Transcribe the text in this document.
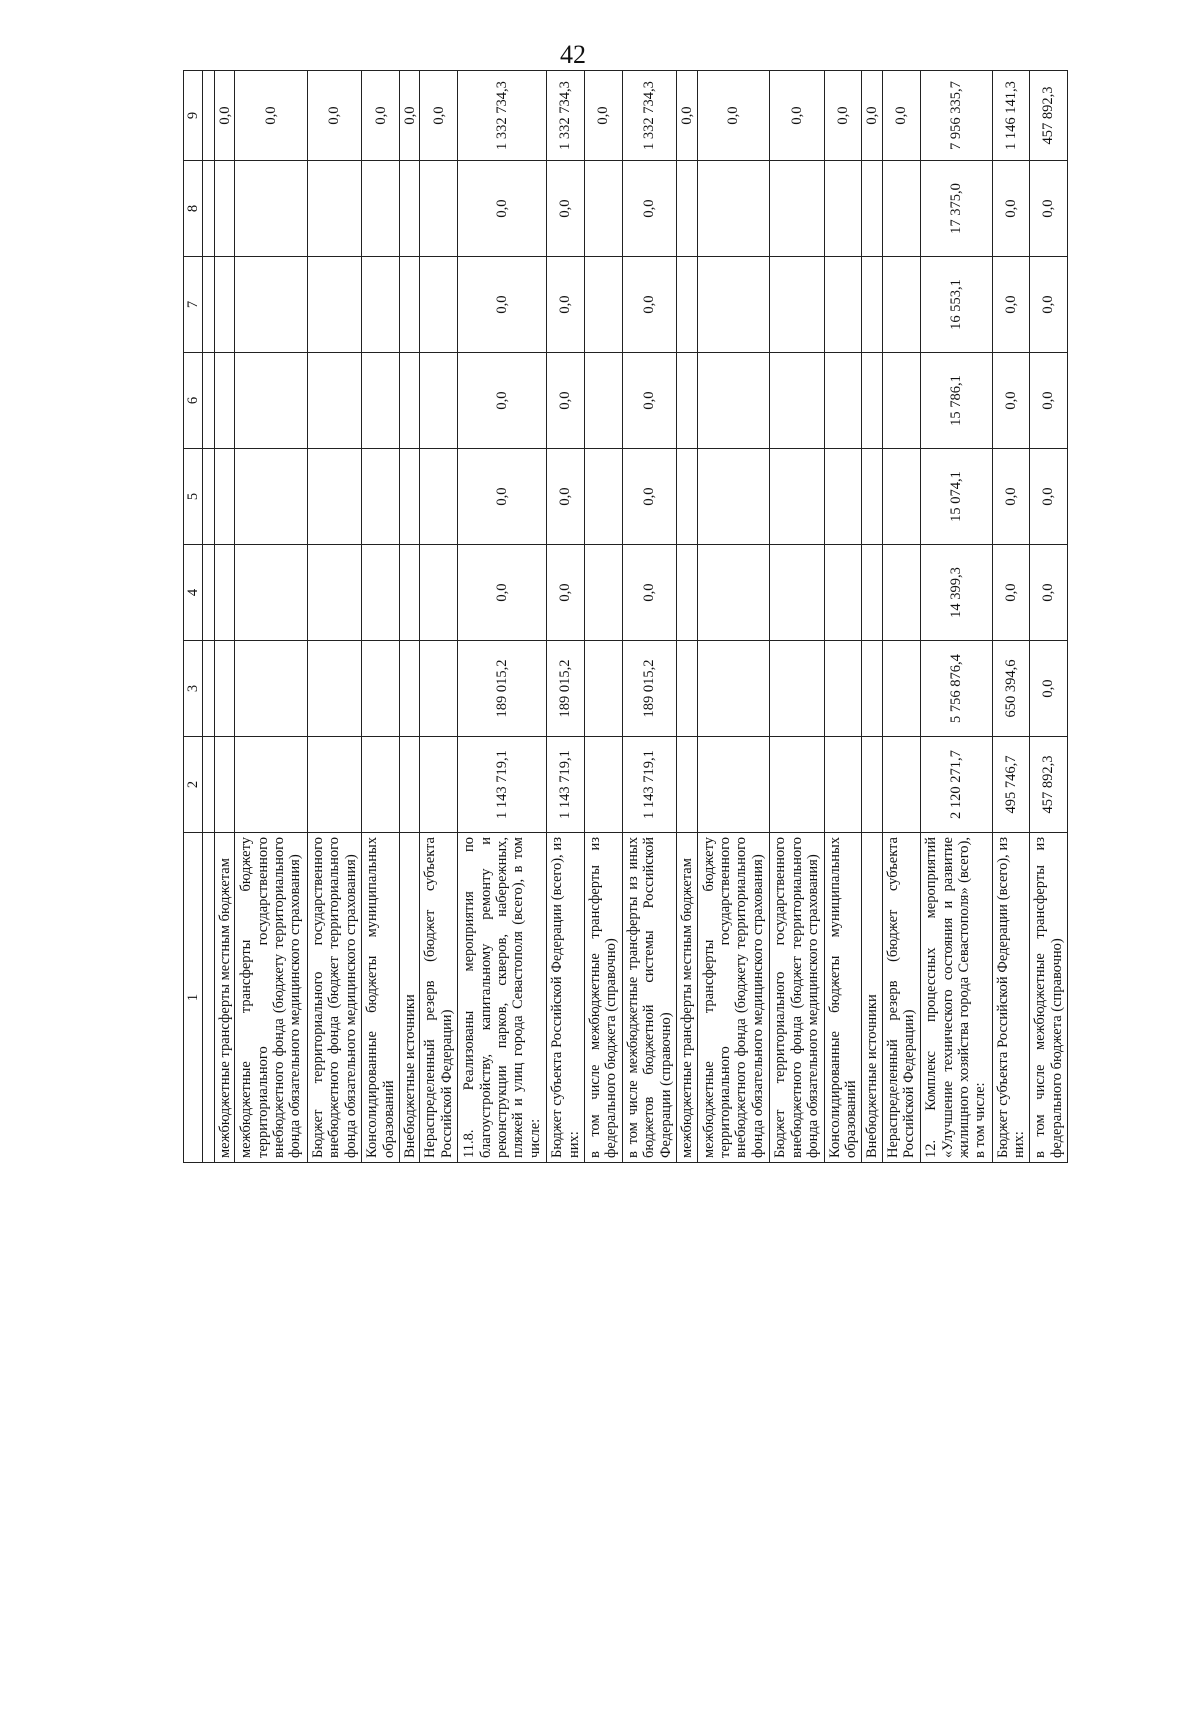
42
1	2	3	4	5	6	7	8	9

межбюджетные трансферты местным бюджетам								0,0
межбюджетные трансферты бюджету территориального государственного внебюджетного фонда (бюджету территориального фонда обязательного медицинского страхования)								0,0
Бюджет территориального государственного внебюджетного фонда (бюджет территориального фонда обязательного медицинского страхования)								0,0
Консолидированные бюджеты муниципальных образований								0,0
Внебюджетные источники								0,0
Нераспределенный резерв (бюджет субъекта Российской Федерации)								0,0
11.8. Реализованы мероприятия по благоустройству, капитальному ремонту и реконструкции парков, скверов, набережных, пляжей и улиц города Севастополя (всего), в том числе:	1 143 719,1	189 015,2	0,0	0,0	0,0	0,0	0,0	1 332 734,3
Бюджет субъекта Российской Федерации (всего), из них:	1 143 719,1	189 015,2	0,0	0,0	0,0	0,0	0,0	1 332 734,3
в том числе межбюджетные трансферты из федерального бюджета (справочно)								0,0
в том числе межбюджетные трансферты из иных бюджетов бюджетной системы Российской Федерации (справочно)	1 143 719,1	189 015,2	0,0	0,0	0,0	0,0	0,0	1 332 734,3
межбюджетные трансферты местным бюджетам								0,0
межбюджетные трансферты бюджету территориального государственного внебюджетного фонда (бюджету территориального фонда обязательного медицинского страхования)								0,0
Бюджет территориального государственного внебюджетного фонда (бюджет территориального фонда обязательного медицинского страхования)								0,0
Консолидированные бюджеты муниципальных образований								0,0
Внебюджетные источники								0,0
Нераспределенный резерв (бюджет субъекта Российской Федерации)								0,0
12. Комплекс процессных мероприятий «Улучшение технического состояния и развитие жилищного хозяйства города Севастополя» (всего), в том числе:	2 120 271,7	5 756 876,4	14 399,3	15 074,1	15 786,1	16 553,1	17 375,0	7 956 335,7
Бюджет субъекта Российской Федерации (всего), из них:	495 746,7	650 394,6	0,0	0,0	0,0	0,0	0,0	1 146 141,3
в том числе межбюджетные трансферты из федерального бюджета (справочно)	457 892,3	0,0	0,0	0,0	0,0	0,0	0,0	457 892,3
